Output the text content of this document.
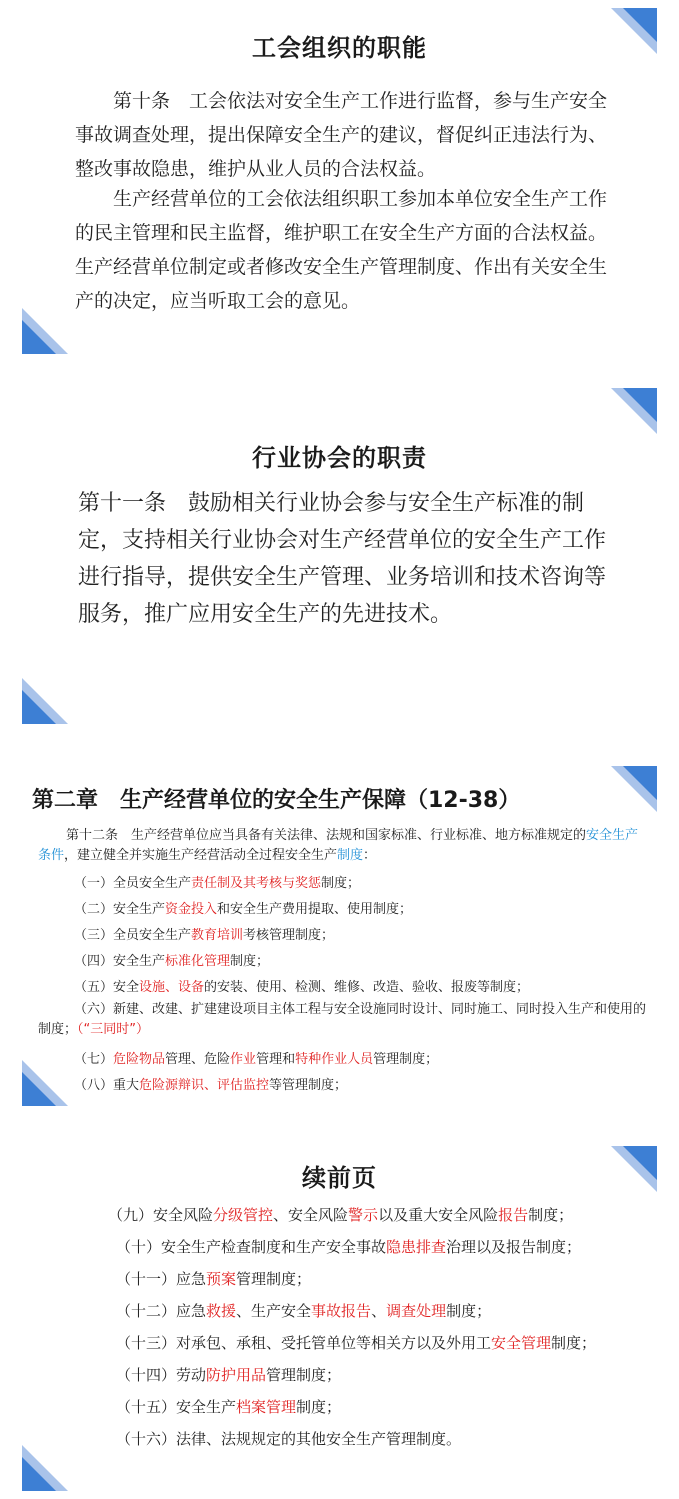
工会组织的职能

第十条　工会依法对安全生产工作进行监督，参与生产安全事故调查处理，提出保障安全生产的建议，督促纠正违法行为、整改事故隐患，维护从业人员的合法权益。

生产经营单位的工会依法组织职工参加本单位安全生产工作的民主管理和民主监督，维护职工在安全生产方面的合法权益。生产经营单位制定或者修改安全生产管理制度、作出有关安全生产的决定，应当听取工会的意见。

行业协会的职责

第十一条　鼓励相关行业协会参与安全生产标准的制定，支持相关行业协会对生产经营单位的安全生产工作进行指导，提供安全生产管理、业务培训和技术咨询等服务，推广应用安全生产的先进技术。

第二章　生产经营单位的安全生产保障（12-38）

第十二条　生产经营单位应当具备有关法律、法规和国家标准、行业标准、地方标准规定的安全生产条件，建立健全并实施生产经营活动全过程安全生产制度：

（一）全员安全生产责任制及其考核与奖惩制度；

（二）安全生产资金投入和安全生产费用提取、使用制度；

（三）全员安全生产教育培训考核管理制度；

（四）安全生产标准化管理制度；

（五）安全设施、设备的安装、使用、检测、维修、改造、验收、报废等制度；

（六）新建、改建、扩建建设项目主体工程与安全设施同时设计、同时施工、同时投入生产和使用的制度；（“三同时”）

（七）危险物品管理、危险作业管理和特种作业人员管理制度；

（八）重大危险源辩识、评估监控等管理制度；

续前页

（九）安全风险分级管控、安全风险警示以及重大安全风险报告制度；

（十）安全生产检查制度和生产安全事故隐患排查治理以及报告制度；

（十一）应急预案管理制度；

（十二）应急救援、生产安全事故报告、调查处理制度；

（十三）对承包、承租、受托管单位等相关方以及外用工安全管理制度；

（十四）劳动防护用品管理制度；

（十五）安全生产档案管理制度；

（十六）法律、法规规定的其他安全生产管理制度。
